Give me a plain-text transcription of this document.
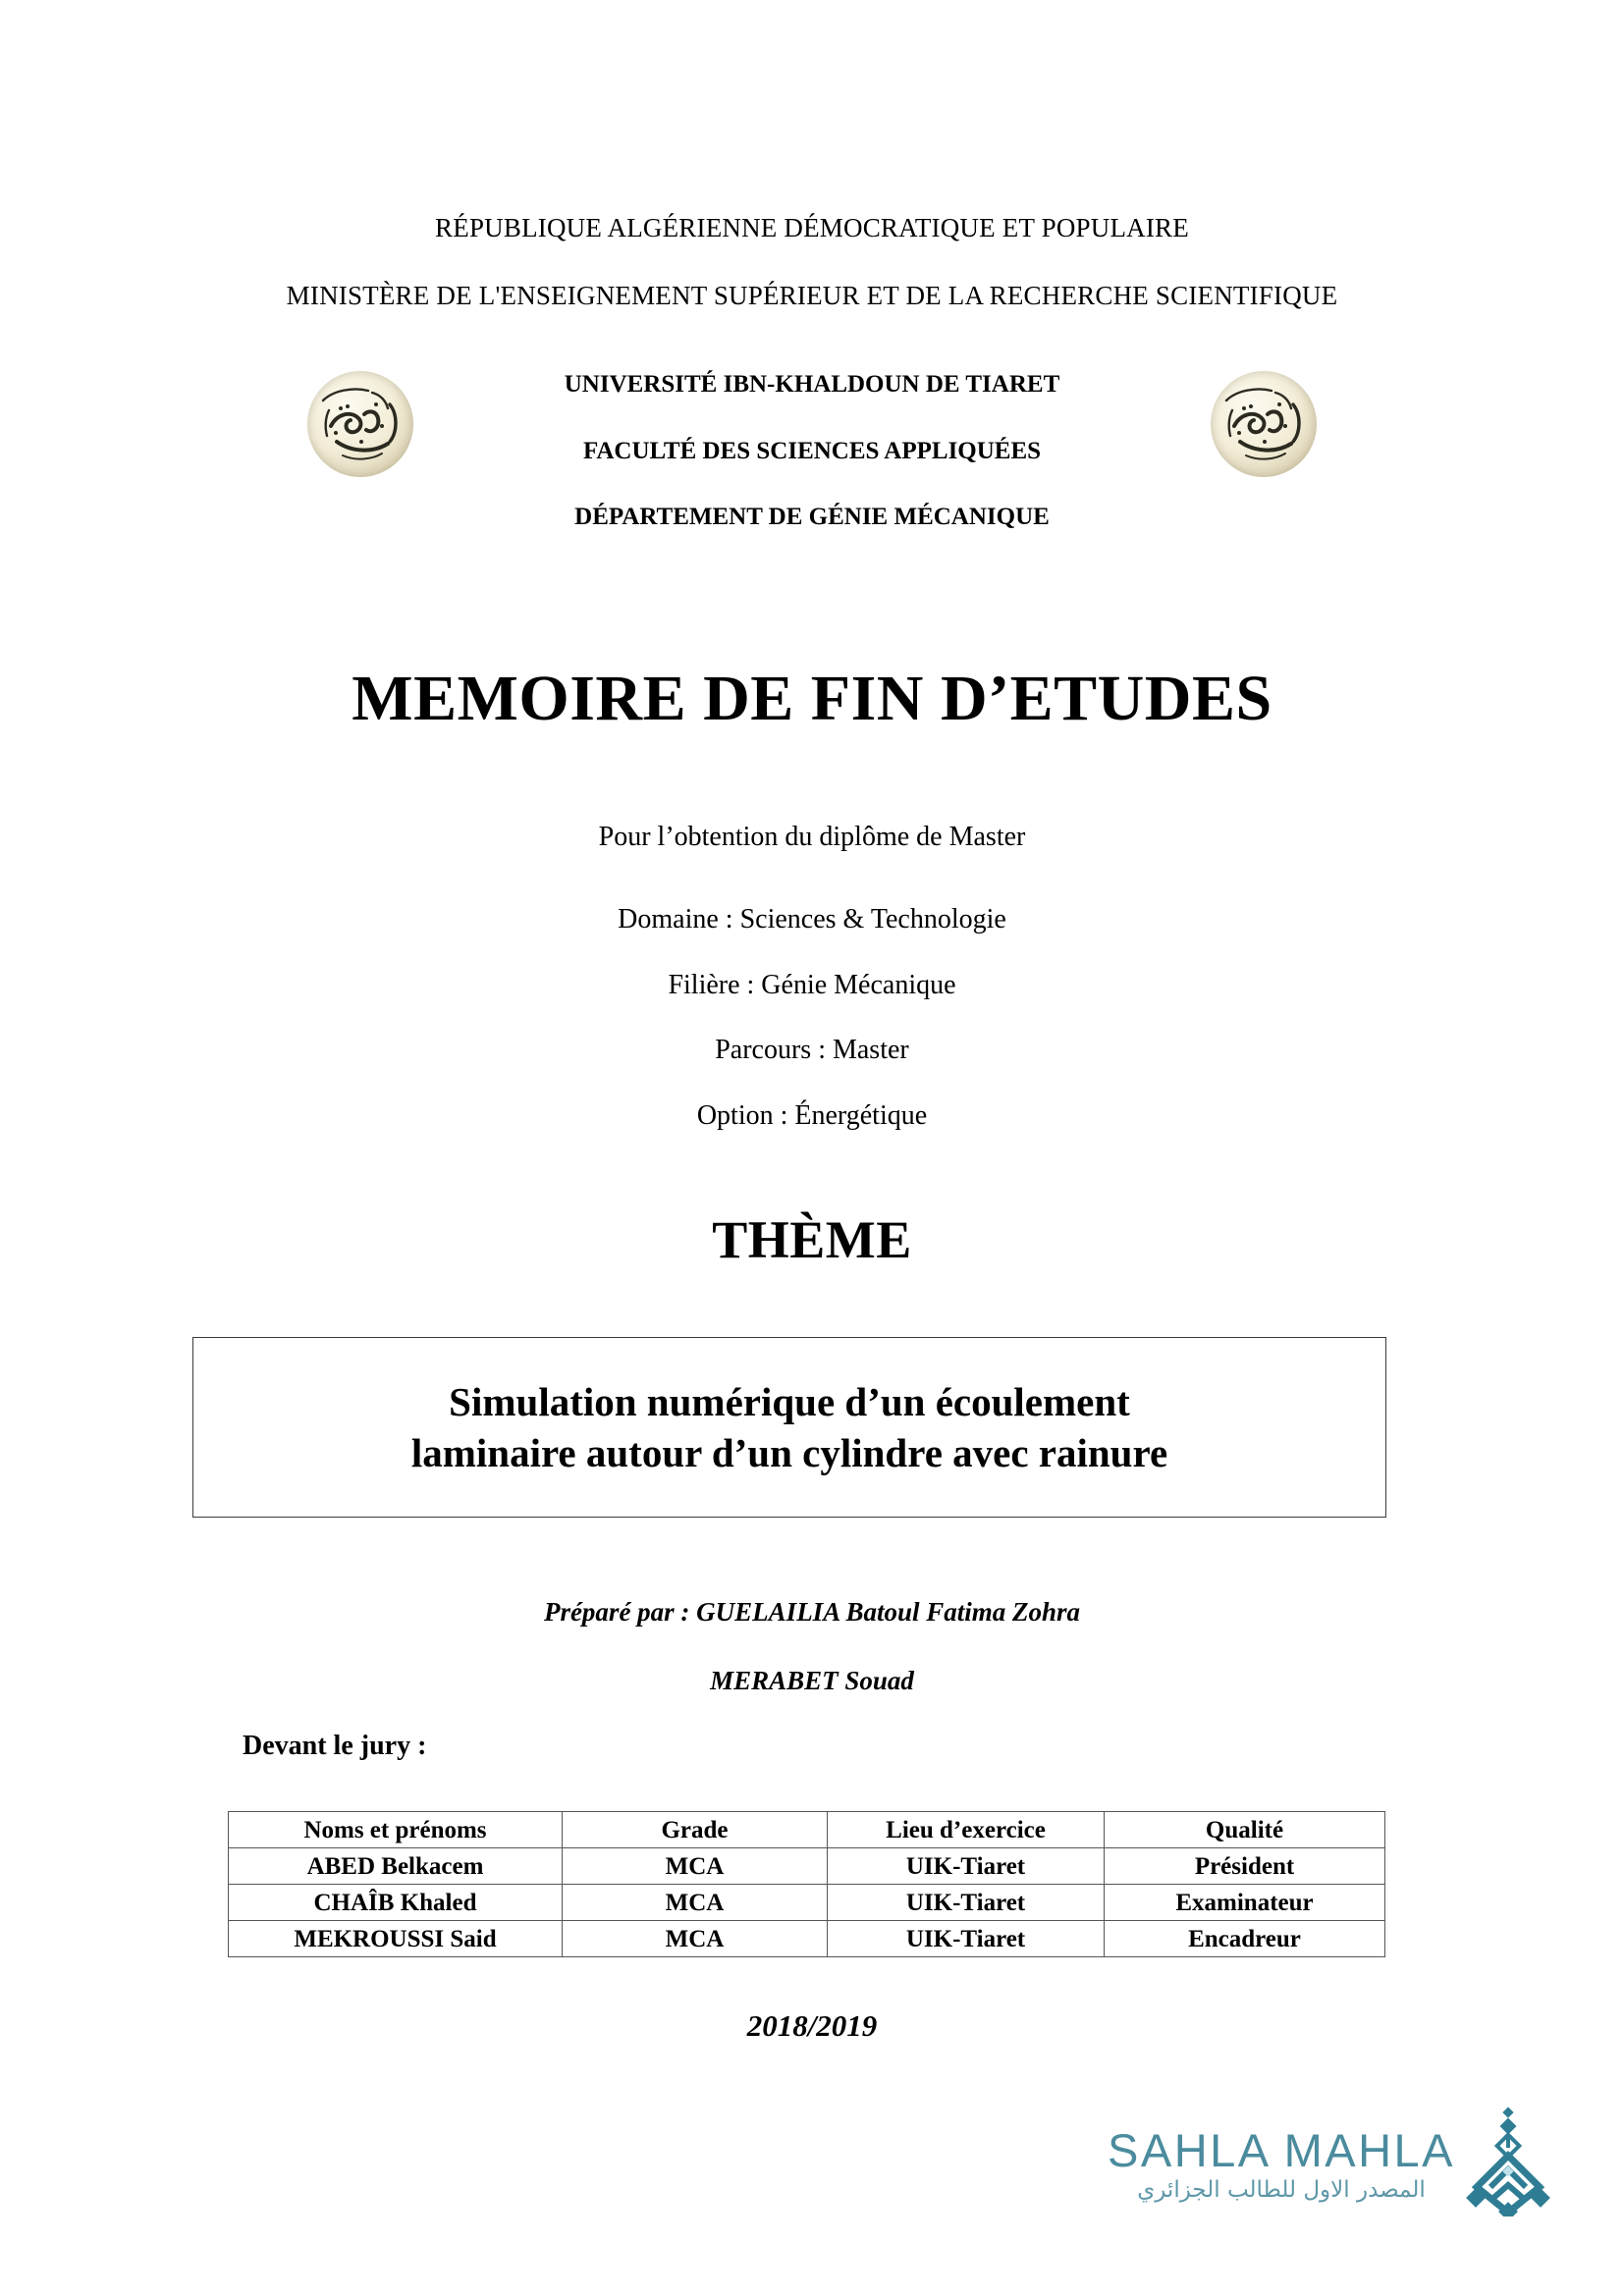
RÉPUBLIQUE ALGÉRIENNE DÉMOCRATIQUE ET POPULAIRE
MINISTÈRE DE L'ENSEIGNEMENT SUPÉRIEUR ET DE LA RECHERCHE SCIENTIFIQUE
UNIVERSITÉ IBN-KHALDOUN DE TIARET
FACULTÉ DES SCIENCES APPLIQUÉES
DÉPARTEMENT DE GÉNIE MÉCANIQUE
MEMOIRE DE FIN D’ETUDES
Pour l’obtention du diplôme de Master
Domaine : Sciences & Technologie
Filière : Génie Mécanique
Parcours : Master
Option : Énergétique
THÈME
Simulation numérique d’un écoulement
laminaire autour d’un cylindre avec rainure
Préparé par : GUELAILIA Batoul Fatima Zohra
MERABET Souad
Devant le jury :
Noms et prénoms	Grade	Lieu d’exercice	Qualité
ABED Belkacem	MCA	UIK-Tiaret	Président
CHAÎB Khaled	MCA	UIK-Tiaret	Examinateur
MEKROUSSI Said	MCA	UIK-Tiaret	Encadreur
2018/2019
SAHLA MAHLA
المصدر الاول للطالب الجزائري
